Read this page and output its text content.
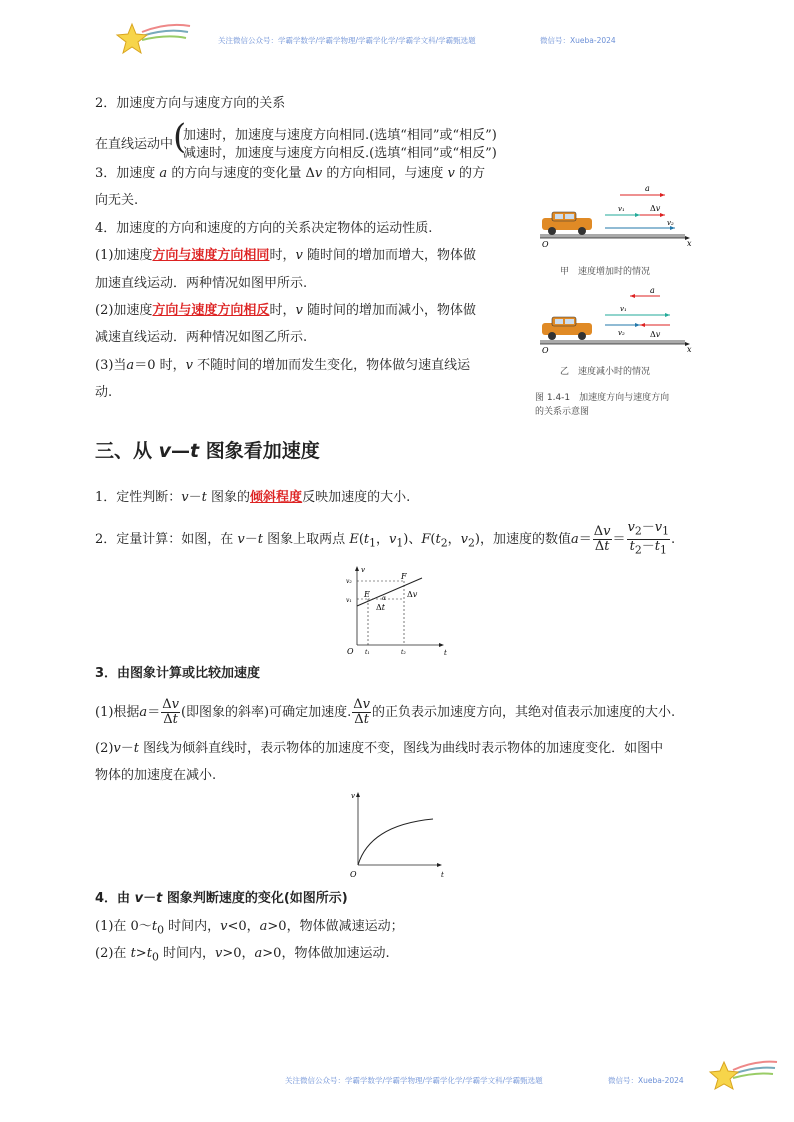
关注微信公众号：学霸学数学/学霸学物理/学霸学化学/学霸学文科/学霸甄选题	微信号：Xueba-2024
2．加速度方向与速度方向的关系
在直线运动中 (
加速时，加速度与速度方向相同.(选填“相同”或“相反”)
减速时，加速度与速度方向相反.(选填“相同”或“相反”)
3．加速度 a 的方向与速度的变化量 Δv 的方向相同，与速度 v 的方
向无关.
4．加速度的方向和速度的方向的关系决定物体的运动性质.
(1)加速度方向与速度方向相同时，v 随时间的增加而增大，物体做
加速直线运动．两种情况如图甲所示.
(2)加速度方向与速度方向相反时，v 随时间的增加而减小，物体做
减速直线运动．两种情况如图乙所示.
(3)当a＝0 时，v 不随时间的增加而发生变化，物体做匀速直线运
动.
a
v₁	Δv
v₂
x
O
a
v₁
v₂	Δv
x
O
甲　速度增加时的情况
乙　速度减小时的情况
图 1.4-1　加速度方向与速度方向
的关系示意图
三、从 v—t 图象看加速度
1．定性判断：v－t 图象的倾斜程度反映加速度的大小.
2．定量计算：如图，在 v－t 图象上取两点 $E(t_1$，$v_1$)、$F(t_2$，$v_2$)，加速度的数值$a= \frac{\Delta v}{\Delta t} = \frac{v_2-v_1}{t_2-t_1}$ .
v
t
O
v₂
v₁
E
F
Δt
Δv
α
t₁	t₂
3．由图象计算或比较加速度
(1)根据$a= \frac{\Delta v}{\Delta t}$ (即图象的斜率)可确定加速度. $\frac{\Delta v}{\Delta t}$ 的正负表示加速度方向，其绝对值表示加速度的大小.
(2)v－t 图线为倾斜直线时，表示物体的加速度不变，图线为曲线时表示物体的加速度变化．如图中
物体的加速度在减小.
v
t
O
4．由 v－t 图象判断速度的变化(如图所示)
(1)在 $0\sim t_0$ 时间内，v<0，a>0，物体做减速运动；
(2)在 $t>t_0$ 时间内，v>0，a>0，物体做加速运动.
关注微信公众号：学霸学数学/学霸学物理/学霸学化学/学霸学文科/学霸甄选题	微信号：Xueba-2024
